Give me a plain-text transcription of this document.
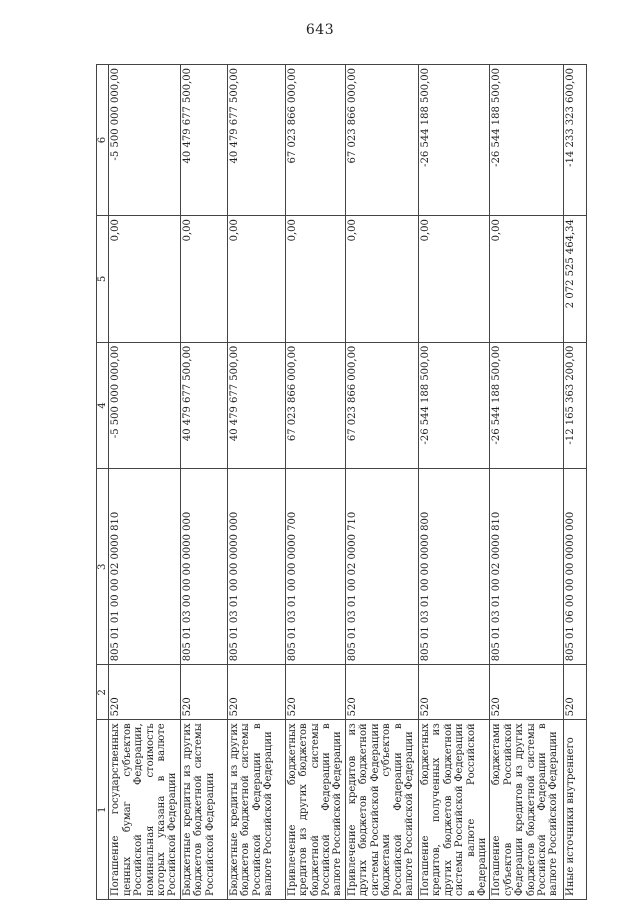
643
1	2	3	4	5	6
Погашение государственных ценных бумаг субъектов Российской Федерации, номинальная стоимость которых указана в валюте Российской Федерации	520	805 01 01 00 00 02 0000 810	-5 500 000 000,00	0,00	-5 500 000 000,00
Бюджетные кредиты из других бюджетов бюджетной системы Российской Федерации	520	805 01 03 00 00 00 0000 000	40 479 677 500,00	0,00	40 479 677 500,00
Бюджетные кредиты из других бюджетов бюджетной системы Российской Федерации в валюте Российской Федерации	520	805 01 03 01 00 00 0000 000	40 479 677 500,00	0,00	40 479 677 500,00
Привлечение бюджетных кредитов из других бюджетов бюджетной системы Российской Федерации в валюте Российской Федерации	520	805 01 03 01 00 00 0000 700	67 023 866 000,00	0,00	67 023 866 000,00
Привлечение кредитов из других бюджетов бюджетной системы Российской Федерации бюджетами субъектов Российской Федерации в валюте Российской Федерации	520	805 01 03 01 00 02 0000 710	67 023 866 000,00	0,00	67 023 866 000,00
Погашение бюджетных кредитов, полученных из других бюджетов бюджетной системы Российской Федерации в валюте Российской Федерации	520	805 01 03 01 00 00 0000 800	-26 544 188 500,00	0,00	-26 544 188 500,00
Погашение бюджетами субъектов Российской Федерации кредитов из других бюджетов бюджетной системы Российской Федерации в валюте Российской Федерации	520	805 01 03 01 00 02 0000 810	-26 544 188 500,00	0,00	-26 544 188 500,00
Иные источники внутреннего	520	805 01 06 00 00 00 0000 000	-12 165 363 200,00	2 072 525 464,34	-14 233 323 600,00
